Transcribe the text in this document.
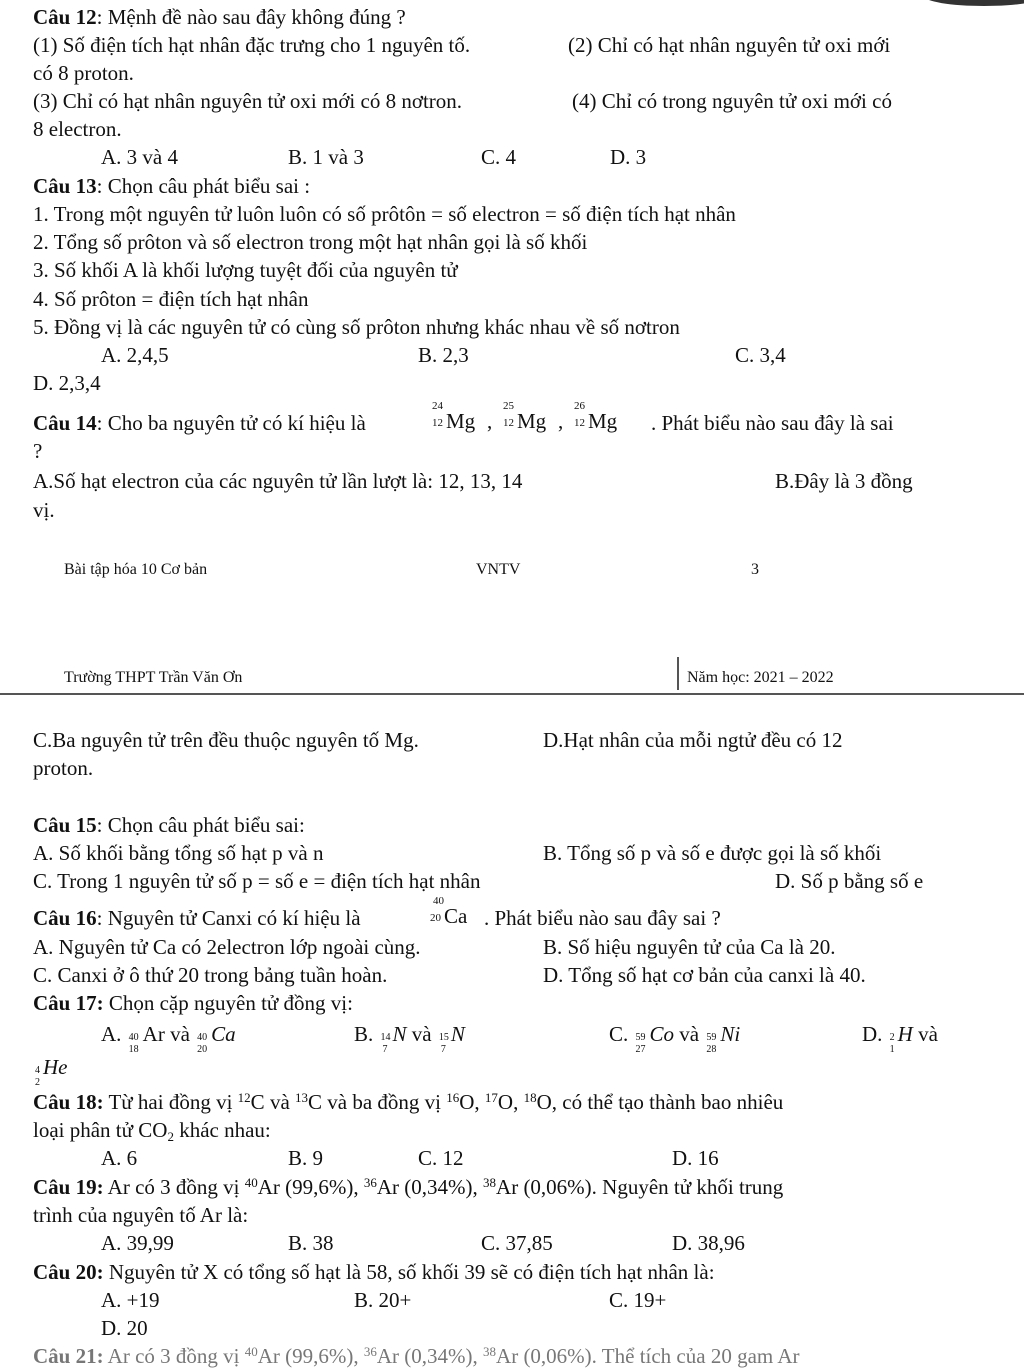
Câu 12: Mệnh đề nào sau đây không đúng ?
(1) Số điện tích hạt nhân đặc trưng cho 1 nguyên tố.	(2) Chỉ có hạt nhân nguyên tử oxi mới
có 8 proton.
(3) Chỉ có hạt nhân nguyên tử oxi mới có 8 nơtron.	(4) Chỉ có trong nguyên tử oxi mới có
8 electron.
A. 3 và 4	B. 1 và 3	C. 4	D. 3
Câu 13: Chọn câu phát biểu sai :
1. Trong một nguyên tử luôn luôn có số prôtôn = số electron = số điện tích hạt nhân
2. Tổng số prôton và số electron trong một hạt nhân gọi là số khối
3. Số khối A là khối lượng tuyệt đối của nguyên tử
4. Số prôton = điện tích hạt nhân
5. Đồng vị là các nguyên tử có cùng số prôton nhưng khác nhau về số nơtron
A. 2,4,5	B. 2,3	C. 3,4
D. 2,3,4
Câu 14: Cho ba nguyên tử có kí hiệu là
24
12 Mg ,
25
12 Mg ,
26
12 Mg . Phát biểu nào sau đây là sai
?
A.Số hạt electron của các nguyên tử lần lượt là: 12, 13, 14	B.Đây là 3 đồng
vị.
Bài tập hóa 10 Cơ bản	VNTV	3
Trường THPT Trần Văn Ơn	Năm học: 2021 – 2022
C.Ba nguyên tử trên đều thuộc nguyên tố Mg.	D.Hạt nhân của mỗi ngtử đều có 12
proton.
Câu 15: Chọn câu phát biểu sai:
A. Số khối bằng tổng số hạt p và n	B. Tổng số p và số e được gọi là số khối
C. Trong 1 nguyên tử số p = số e = điện tích hạt nhân	D. Số p bằng số e
Câu 16: Nguyên tử Canxi có kí hiệu là
40
20 Ca . Phát biểu nào sau đây sai ?
A. Nguyên tử Ca có 2electron lớp ngoài cùng.	B. Số hiệu nguyên tử của Ca là 20.
C. Canxi ở ô thứ 20 trong bảng tuần hoàn.	D. Tổng số hạt cơ bản của canxi là 40.
Câu 17: Chọn cặp nguyên tử đồng vị:
A. 40
18
Ar và 40
20
Ca	B. 14
7
N và 15
7
N	C. 59
27
Co và 59
28
Ni	D. 2
1
H và
4
2
He
Câu 18: Từ hai đồng vị $^{12}$C và $^{13}$C và ba đồng vị $^{16}$O, $^{17}$O, $^{18}$O, có thể tạo thành bao nhiêu
loại phân tử $CO_2$ khác nhau:
A. 6	B. 9	C. 12	D. 16
Câu 19: Ar có 3 đồng vị $^{40}$Ar (99,6%), $^{36}$Ar (0,34%), $^{38}$Ar (0,06%). Nguyên tử khối trung
trình của nguyên tố Ar là:
A. 39,99	B. 38	C. 37,85	D. 38,96
Câu 20: Nguyên tử X có tổng số hạt là 58, số khối 39 sẽ có điện tích hạt nhân là:
A. +19	B. 20+	C. 19+
D. 20
Câu 21: Ar có 3 đồng vị $^{40}$Ar (99,6%), $^{36}$Ar (0,34%), $^{38}$Ar (0,06%). Thể tích của 20 gam Ar
